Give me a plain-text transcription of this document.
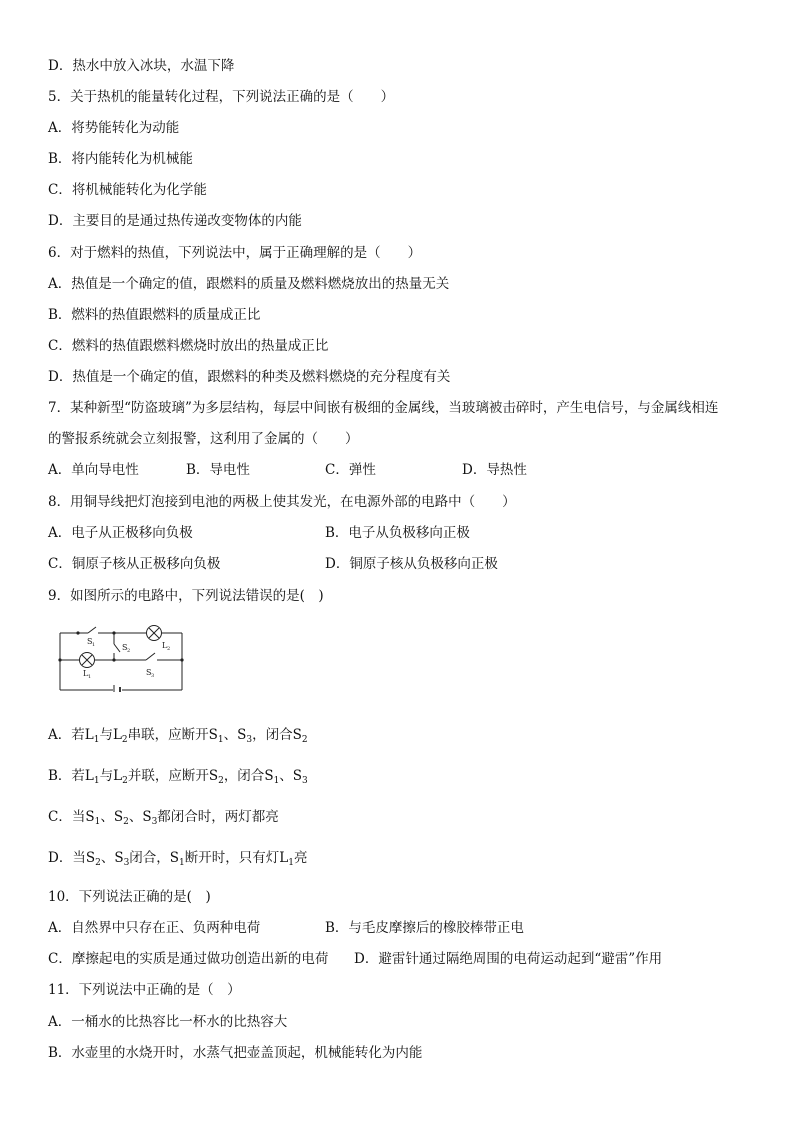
D．热水中放入冰块，水温下降
5．关于热机的能量转化过程，下列说法正确的是（　　）
A．将势能转化为动能
B．将内能转化为机械能
C．将机械能转化为化学能
D．主要目的是通过热传递改变物体的内能
6．对于燃料的热值，下列说法中，属于正确理解的是（　　）
A．热值是一个确定的值，跟燃料的质量及燃料燃烧放出的热量无关
B．燃料的热值跟燃料的质量成正比
C．燃料的热值跟燃料燃烧时放出的热量成正比
D．热值是一个确定的值，跟燃料的种类及燃料燃烧的充分程度有关
7．某种新型“防盗玻璃”为多层结构，每层中间嵌有极细的金属线，当玻璃被击碎时，产生电信号，与金属线相连
的警报系统就会立刻报警，这利用了金属的（　　）
A．单向导电性	B．导电性	C．弹性	D．导热性
8．用铜导线把灯泡接到电池的两极上使其发光，在电源外部的电路中（　　）
A．电子从正极移向负极	B．电子从负极移向正极
C．铜原子核从正极移向负极	D．铜原子核从负极移向正极
9．如图所示的电路中，下列说法错误的是(　)
S 1	S 2
L 2
L 1	S 3
A．若$L_1$与$L_2$串联，应断开$S_1$、$S_3$，闭合$S_2$
B．若$L_1$与$L_2$并联，应断开$S_2$，闭合$S_1$、$S_3$
C．当$S_1$、$S_2$、$S_3$都闭合时，两灯都亮
D．当$S_2$、$S_3$闭合，$S_1$断开时，只有灯$L_1$亮
10．下列说法正确的是(　)
A．自然界中只存在正、负两种电荷	B．与毛皮摩擦后的橡胶棒带正电
C．摩擦起电的实质是通过做功创造出新的电荷 D．避雷针通过隔绝周围的电荷运动起到“避雷”作用
11．下列说法中正确的是（　）
A．一桶水的比热容比一杯水的比热容大
B．水壶里的水烧开时，水蒸气把壶盖顶起，机械能转化为内能
